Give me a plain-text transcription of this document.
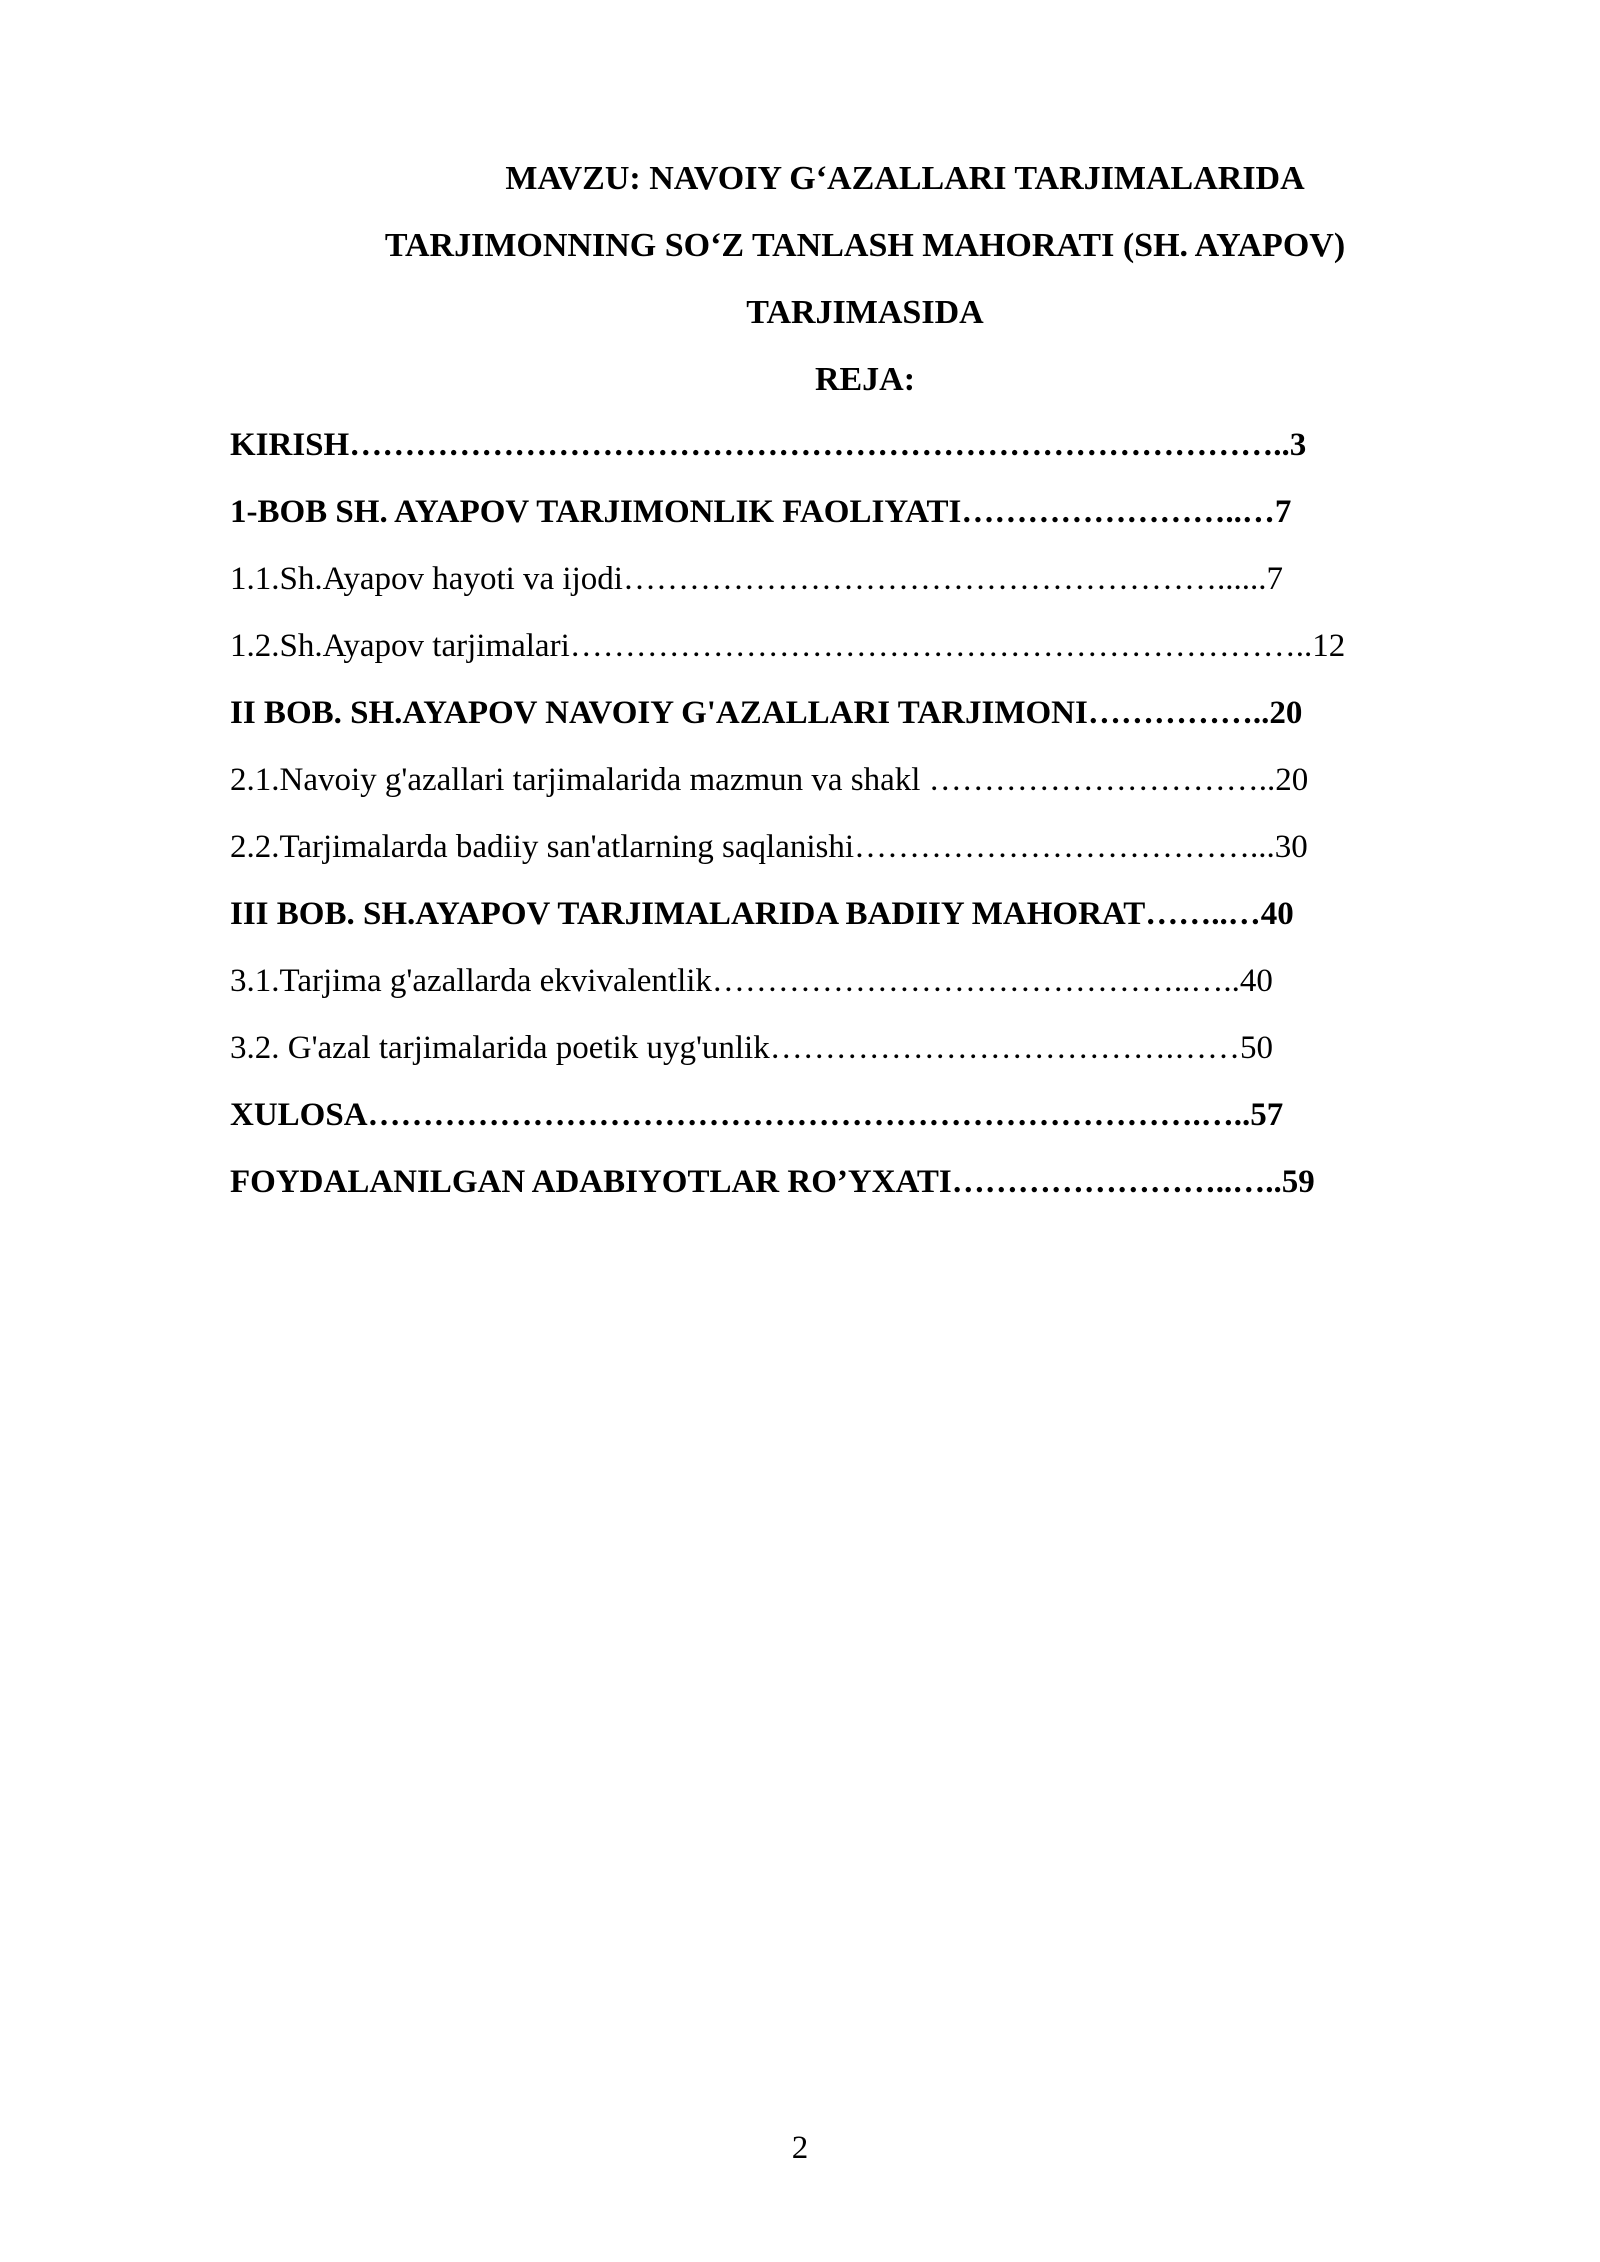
MAVZU: NAVOIY G‘AZALLARI TARJIMALARIDA
TARJIMONNING SO‘Z TANLASH MAHORATI (SH. AYAPOV)
TARJIMASIDA
REJA:
KIRISH…………………………………………………………………………..3
1-BOB SH. AYAPOV TARJIMONLIK FAOLIYATI……………………..…7
1.1.Sh.Ayapov hayoti va ijodi………………………………………………......7
1.2.Sh.Ayapov tarjimalari…………………………………………………………..12
II BOB. SH.AYAPOV NAVOIY G'AZALLARI TARJIMONI……………..20
2.1.Navoiy g'azallari tarjimalarida mazmun va shakl …………………………..20
2.2.Tarjimalarda badiiy san'atlarning saqlanishi………………………………...30
III BOB. SH.AYAPOV TARJIMALARIDA BADIIY MAHORAT……..…40
3.1.Tarjima g'azallarda ekvivalentlik……………………………………..…..40
3.2. G'azal tarjimalarida poetik uyg'unlik……………………………….……50
XULOSA………………………………………………………………….…..57
FOYDALANILGAN ADABIYOTLAR RO’YXATI……………………..…..59
2
